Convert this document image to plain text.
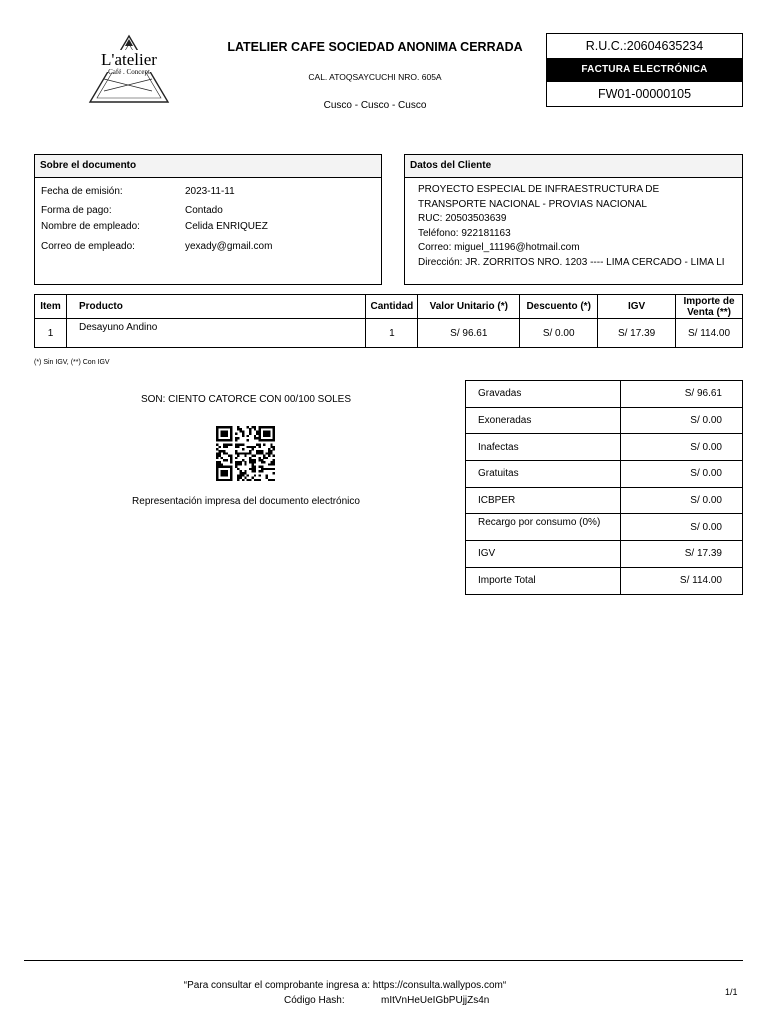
L'atelier
Café . Concept
LATELIER CAFE SOCIEDAD ANONIMA CERRADA
CAL. ATOQSAYCUCHI NRO. 605A
Cusco - Cusco - Cusco
R.U.C.:20604635234
FACTURA ELECTRÓNICA
FW01-00000105
Sobre el documento
Fecha de emisión:	2023-11-11
Forma de pago:	Contado
Nombre de empleado:	Celida ENRIQUEZ
Correo de empleado:	yexady@gmail.com
Datos del Cliente
PROYECTO ESPECIAL DE INFRAESTRUCTURA DE
TRANSPORTE NACIONAL - PROVIAS NACIONAL
RUC: 20503503639
Teléfono: 922181163
Correo: miguel_11196@hotmail.com
Dirección: JR. ZORRITOS NRO. 1203 ---- LIMA CERCADO - LIMA LI
Item	Producto	Cantidad	Valor Unitario (*)	Descuento (*)	IGV	Importe de Venta (**)
1	Desayuno Andino	1	S/ 96.61	S/ 0.00	S/ 17.39	S/ 114.00
(*) Sin IGV, (**) Con IGV
SON: CIENTO CATORCE CON 00/100 SOLES
Representación impresa del documento electrónico
Gravadas	S/ 96.61
Exoneradas	S/ 0.00
Inafectas	S/ 0.00
Gratuitas	S/ 0.00
ICBPER	S/ 0.00
Recargo por consumo (0%)	S/ 0.00
IGV	S/ 17.39
Importe Total	S/ 114.00
“Para consultar el comprobante ingresa a: https://consulta.wallypos.com“
Código Hash:	mItVnHeUeIGbPUjjZs4n
1/1
